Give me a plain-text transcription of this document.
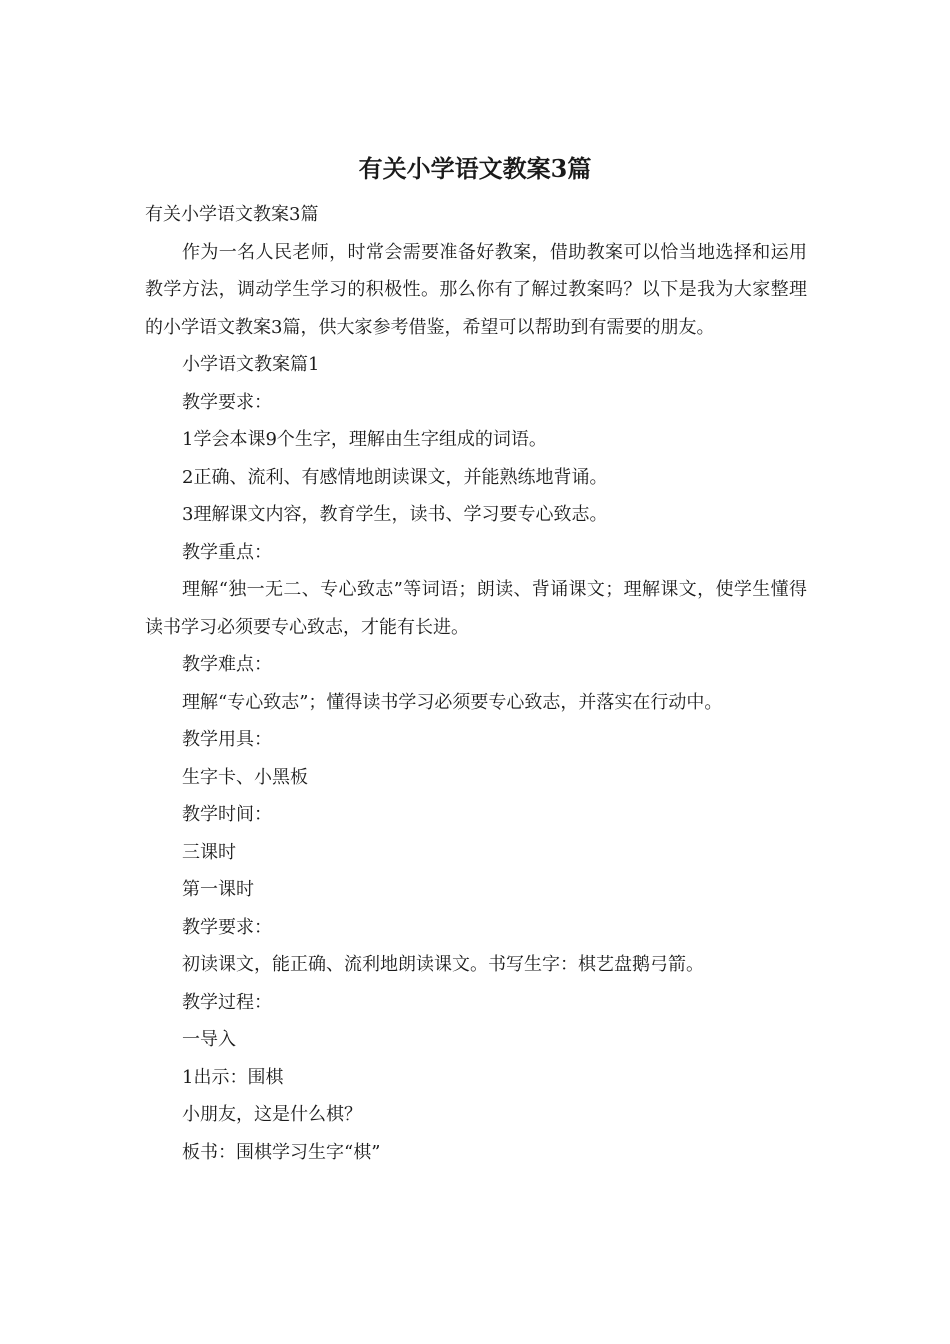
有关小学语文教案3篇

有关小学语文教案3篇

作为一名人民老师，时常会需要准备好教案，借助教案可以恰当地选择和运用教学方法，调动学生学习的积极性。那么你有了解过教案吗？以下是我为大家整理的小学语文教案3篇，供大家参考借鉴，希望可以帮助到有需要的朋友。

小学语文教案篇1

教学要求：

1学会本课9个生字，理解由生字组成的词语。

2正确、流利、有感情地朗读课文，并能熟练地背诵。

3理解课文内容，教育学生，读书、学习要专心致志。

教学重点：

理解“独一无二、专心致志”等词语；朗读、背诵课文；理解课文，使学生懂得读书学习必须要专心致志，才能有长进。

教学难点：

理解“专心致志”；懂得读书学习必须要专心致志，并落实在行动中。

教学用具：

生字卡、小黑板

教学时间：

三课时

第一课时

教学要求：

初读课文，能正确、流利地朗读课文。书写生字：棋艺盘鹅弓箭。

教学过程：

一导入

1出示：围棋

小朋友，这是什么棋？

板书：围棋学习生字“棋”
